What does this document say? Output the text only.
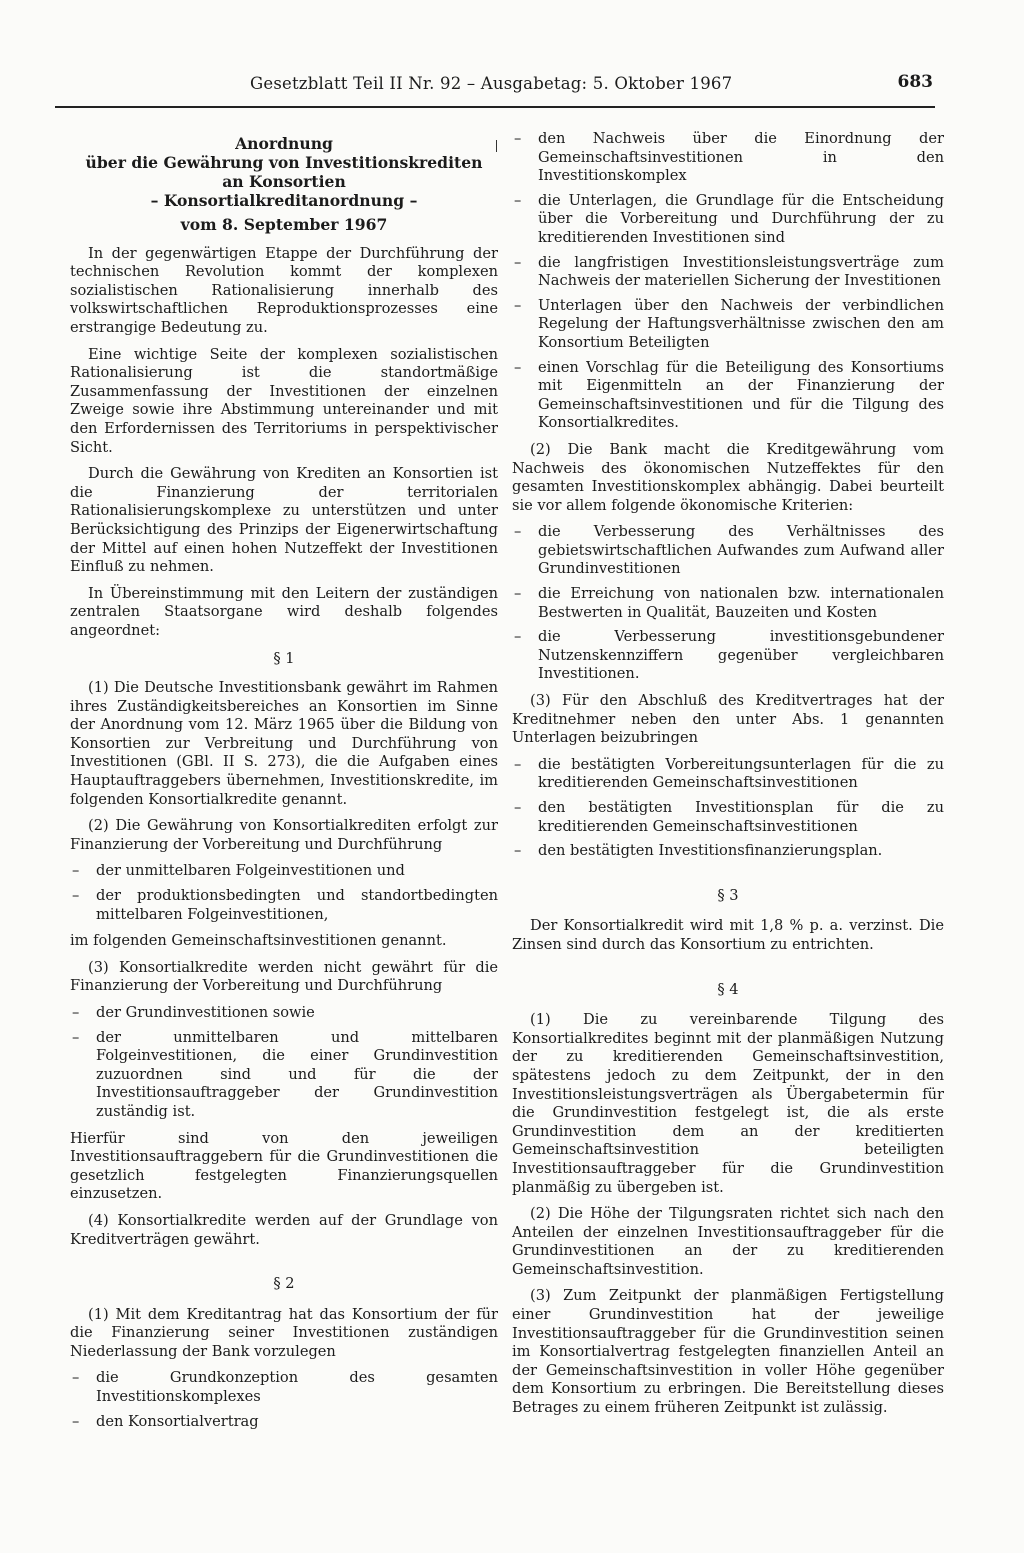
Gesetzblatt Teil II Nr. 92 – Ausgabetag: 5. Oktober 1967	683
Anordnung
über die Gewährung von Investitionskrediten
an Konsortien
– Konsortialkreditanordnung –
vom 8. September 1967

In der gegenwärtigen Etappe der Durchführung der technischen Revolution kommt der komplexen sozialistischen Rationalisierung innerhalb des volkswirtschaftlichen Reproduktionsprozesses eine erstrangige Bedeutung zu.

Eine wichtige Seite der komplexen sozialistischen Rationalisierung ist die standortmäßige Zusammenfassung der Investitionen der einzelnen Zweige sowie ihre Abstimmung untereinander und mit den Erfordernissen des Territoriums in perspektivischer Sicht.

Durch die Gewährung von Krediten an Konsortien ist die Finanzierung der territorialen Rationalisierungskomplexe zu unterstützen und unter Berücksichtigung des Prinzips der Eigenerwirtschaftung der Mittel auf einen hohen Nutzeffekt der Investitionen Einfluß zu nehmen.

In Übereinstimmung mit den Leitern der zuständigen zentralen Staatsorgane wird deshalb folgendes angeordnet:

§ 1

(1) Die Deutsche Investitionsbank gewährt im Rahmen ihres Zuständigkeitsbereiches an Konsortien im Sinne der Anordnung vom 12. März 1965 über die Bildung von Konsortien zur Verbreitung und Durchführung von Investitionen (GBl. II S. 273), die die Aufgaben eines Hauptauftraggebers übernehmen, Investitionskredite, im folgenden Konsortialkredite genannt.

(2) Die Gewährung von Konsortialkrediten erfolgt zur Finanzierung der Vorbereitung und Durchführung

– der unmittelbaren Folgeinvestitionen und
– der produktionsbedingten und standortbedingten mittelbaren Folgeinvestitionen,

im folgenden Gemeinschaftsinvestitionen genannt.

(3) Konsortialkredite werden nicht gewährt für die Finanzierung der Vorbereitung und Durchführung

– der Grundinvestitionen sowie
– der unmittelbaren und mittelbaren Folgeinvestitionen, die einer Grundinvestition zuzuordnen sind und für die der Investitionsauftraggeber der Grundinvestition zuständig ist.

Hierfür sind von den jeweiligen Investitionsauftraggebern für die Grundinvestitionen die gesetzlich festgelegten Finanzierungsquellen einzusetzen.

(4) Konsortialkredite werden auf der Grundlage von Kreditverträgen gewährt.

§ 2

(1) Mit dem Kreditantrag hat das Konsortium der für die Finanzierung seiner Investitionen zuständigen Niederlassung der Bank vorzulegen

– die Grundkonzeption des gesamten Investitionskomplexes
– den Konsortialvertrag
– den Nachweis über die Einordnung der Gemeinschaftsinvestitionen in den Investitionskomplex
– die Unterlagen, die Grundlage für die Entscheidung über die Vorbereitung und Durchführung der zu kreditierenden Investitionen sind
– die langfristigen Investitionsleistungsverträge zum Nachweis der materiellen Sicherung der Investitionen
– Unterlagen über den Nachweis der verbindlichen Regelung der Haftungsverhältnisse zwischen den am Konsortium Beteiligten
– einen Vorschlag für die Beteiligung des Konsortiums mit Eigenmitteln an der Finanzierung der Gemeinschaftsinvestitionen und für die Tilgung des Konsortialkredites.

(2) Die Bank macht die Kreditgewährung vom Nachweis des ökonomischen Nutzeffektes für den gesamten Investitionskomplex abhängig. Dabei beurteilt sie vor allem folgende ökonomische Kriterien:

– die Verbesserung des Verhältnisses des gebietswirtschaftlichen Aufwandes zum Aufwand aller Grundinvestitionen
– die Erreichung von nationalen bzw. internationalen Bestwerten in Qualität, Bauzeiten und Kosten
– die Verbesserung investitionsgebundener Nutzenskennziffern gegenüber vergleichbaren Investitionen.

(3) Für den Abschluß des Kreditvertrages hat der Kreditnehmer neben den unter Abs. 1 genannten Unterlagen beizubringen

– die bestätigten Vorbereitungsunterlagen für die zu kreditierenden Gemeinschaftsinvestitionen
– den bestätigten Investitionsplan für die zu kreditierenden Gemeinschaftsinvestitionen
– den bestätigten Investitionsfinanzierungsplan.
§ 3

Der Konsortialkredit wird mit 1,8 % p. a. verzinst. Die Zinsen sind durch das Konsortium zu entrichten.

§ 4

(1) Die zu vereinbarende Tilgung des Konsortialkredites beginnt mit der planmäßigen Nutzung der zu kreditierenden Gemeinschaftsinvestition, spätestens jedoch zu dem Zeitpunkt, der in den Investitionsleistungsverträgen als Übergabetermin für die Grundinvestition festgelegt ist, die als erste Grundinvestition dem an der kreditierten Gemeinschaftsinvestition beteiligten Investitionsauftraggeber für die Grundinvestition planmäßig zu übergeben ist.

(2) Die Höhe der Tilgungsraten richtet sich nach den Anteilen der einzelnen Investitionsauftraggeber für die Grundinvestitionen an der zu kreditierenden Gemeinschaftsinvestition.

(3) Zum Zeitpunkt der planmäßigen Fertigstellung einer Grundinvestition hat der jeweilige Investitionsauftraggeber für die Grundinvestition seinen im Konsortialvertrag festgelegten finanziellen Anteil an der Gemeinschaftsinvestition in voller Höhe gegenüber dem Konsortium zu erbringen. Die Bereitstellung dieses Betrages zu einem früheren Zeitpunkt ist zulässig.
